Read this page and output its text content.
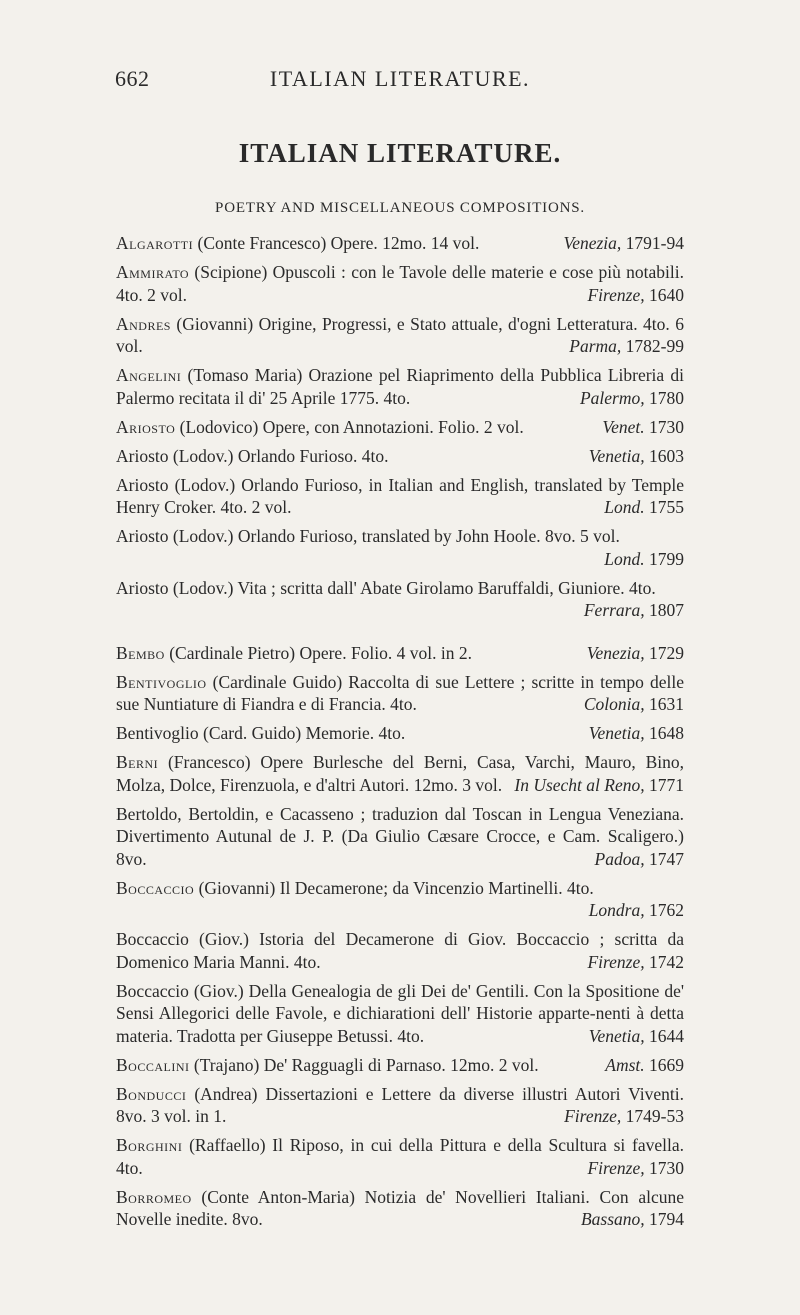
662	ITALIAN LITERATURE.
ITALIAN LITERATURE.
POETRY AND MISCELLANEOUS COMPOSITIONS.
Algarotti (Conte Francesco) Opere. 12mo. 14 vol.	Venezia, 1791-94
Ammirato (Scipione) Opuscoli : con le Tavole delle materie e cose più notabili. 4to. 2 vol.	Firenze, 1640
Andres (Giovanni) Origine, Progressi, e Stato attuale, d'ogni Letteratura. 4to. 6 vol.	Parma, 1782-99
Angelini (Tomaso Maria) Orazione pel Riaprimento della Pubblica Libreria di Palermo recitata il di' 25 Aprile 1775. 4to.	Palermo, 1780
Ariosto (Lodovico) Opere, con Annotazioni. Folio. 2 vol.	Venet. 1730
Ariosto (Lodov.) Orlando Furioso. 4to.	Venetia, 1603
Ariosto (Lodov.) Orlando Furioso, in Italian and English, translated by Temple Henry Croker. 4to. 2 vol.	Lond. 1755
Ariosto (Lodov.) Orlando Furioso, translated by John Hoole. 8vo. 5 vol.
Lond. 1799
Ariosto (Lodov.) Vita ; scritta dall' Abate Girolamo Baruffaldi, Giuniore. 4to.
Ferrara, 1807
Bembo (Cardinale Pietro) Opere. Folio. 4 vol. in 2.	Venezia, 1729
Bentivoglio (Cardinale Guido) Raccolta di sue Lettere ; scritte in tempo delle sue Nuntiature di Fiandra e di Francia. 4to.	Colonia, 1631
Bentivoglio (Card. Guido) Memorie. 4to.	Venetia, 1648
Berni (Francesco) Opere Burlesche del Berni, Casa, Varchi, Mauro, Bino, Molza, Dolce, Firenzuola, e d'altri Autori. 12mo. 3 vol. In Usecht al Reno, 1771
Bertoldo, Bertoldin, e Cacasseno ; traduzion dal Toscan in Lengua Veneziana. Divertimento Autunal de J. P. (Da Giulio Cæsare Crocce, e Cam. Scaligero.) 8vo.	Padoa, 1747
Boccaccio (Giovanni) Il Decamerone; da Vincenzio Martinelli. 4to.
Londra, 1762
Boccaccio (Giov.) Istoria del Decamerone di Giov. Boccaccio ; scritta da Domenico Maria Manni. 4to.	Firenze, 1742
Boccaccio (Giov.) Della Genealogia de gli Dei de' Gentili. Con la Spositione de' Sensi Allegorici delle Favole, e dichiarationi dell' Historie apparte-nenti à detta materia. Tradotta per Giuseppe Betussi. 4to.	Venetia, 1644
Boccalini (Trajano) De' Ragguagli di Parnaso. 12mo. 2 vol.	Amst. 1669
Bonducci (Andrea) Dissertazioni e Lettere da diverse illustri Autori Viventi. 8vo. 3 vol. in 1.	Firenze, 1749-53
Borghini (Raffaello) Il Riposo, in cui della Pittura e della Scultura si favella. 4to.	Firenze, 1730
Borromeo (Conte Anton-Maria) Notizia de' Novellieri Italiani. Con alcune Novelle inedite. 8vo.	Bassano, 1794
